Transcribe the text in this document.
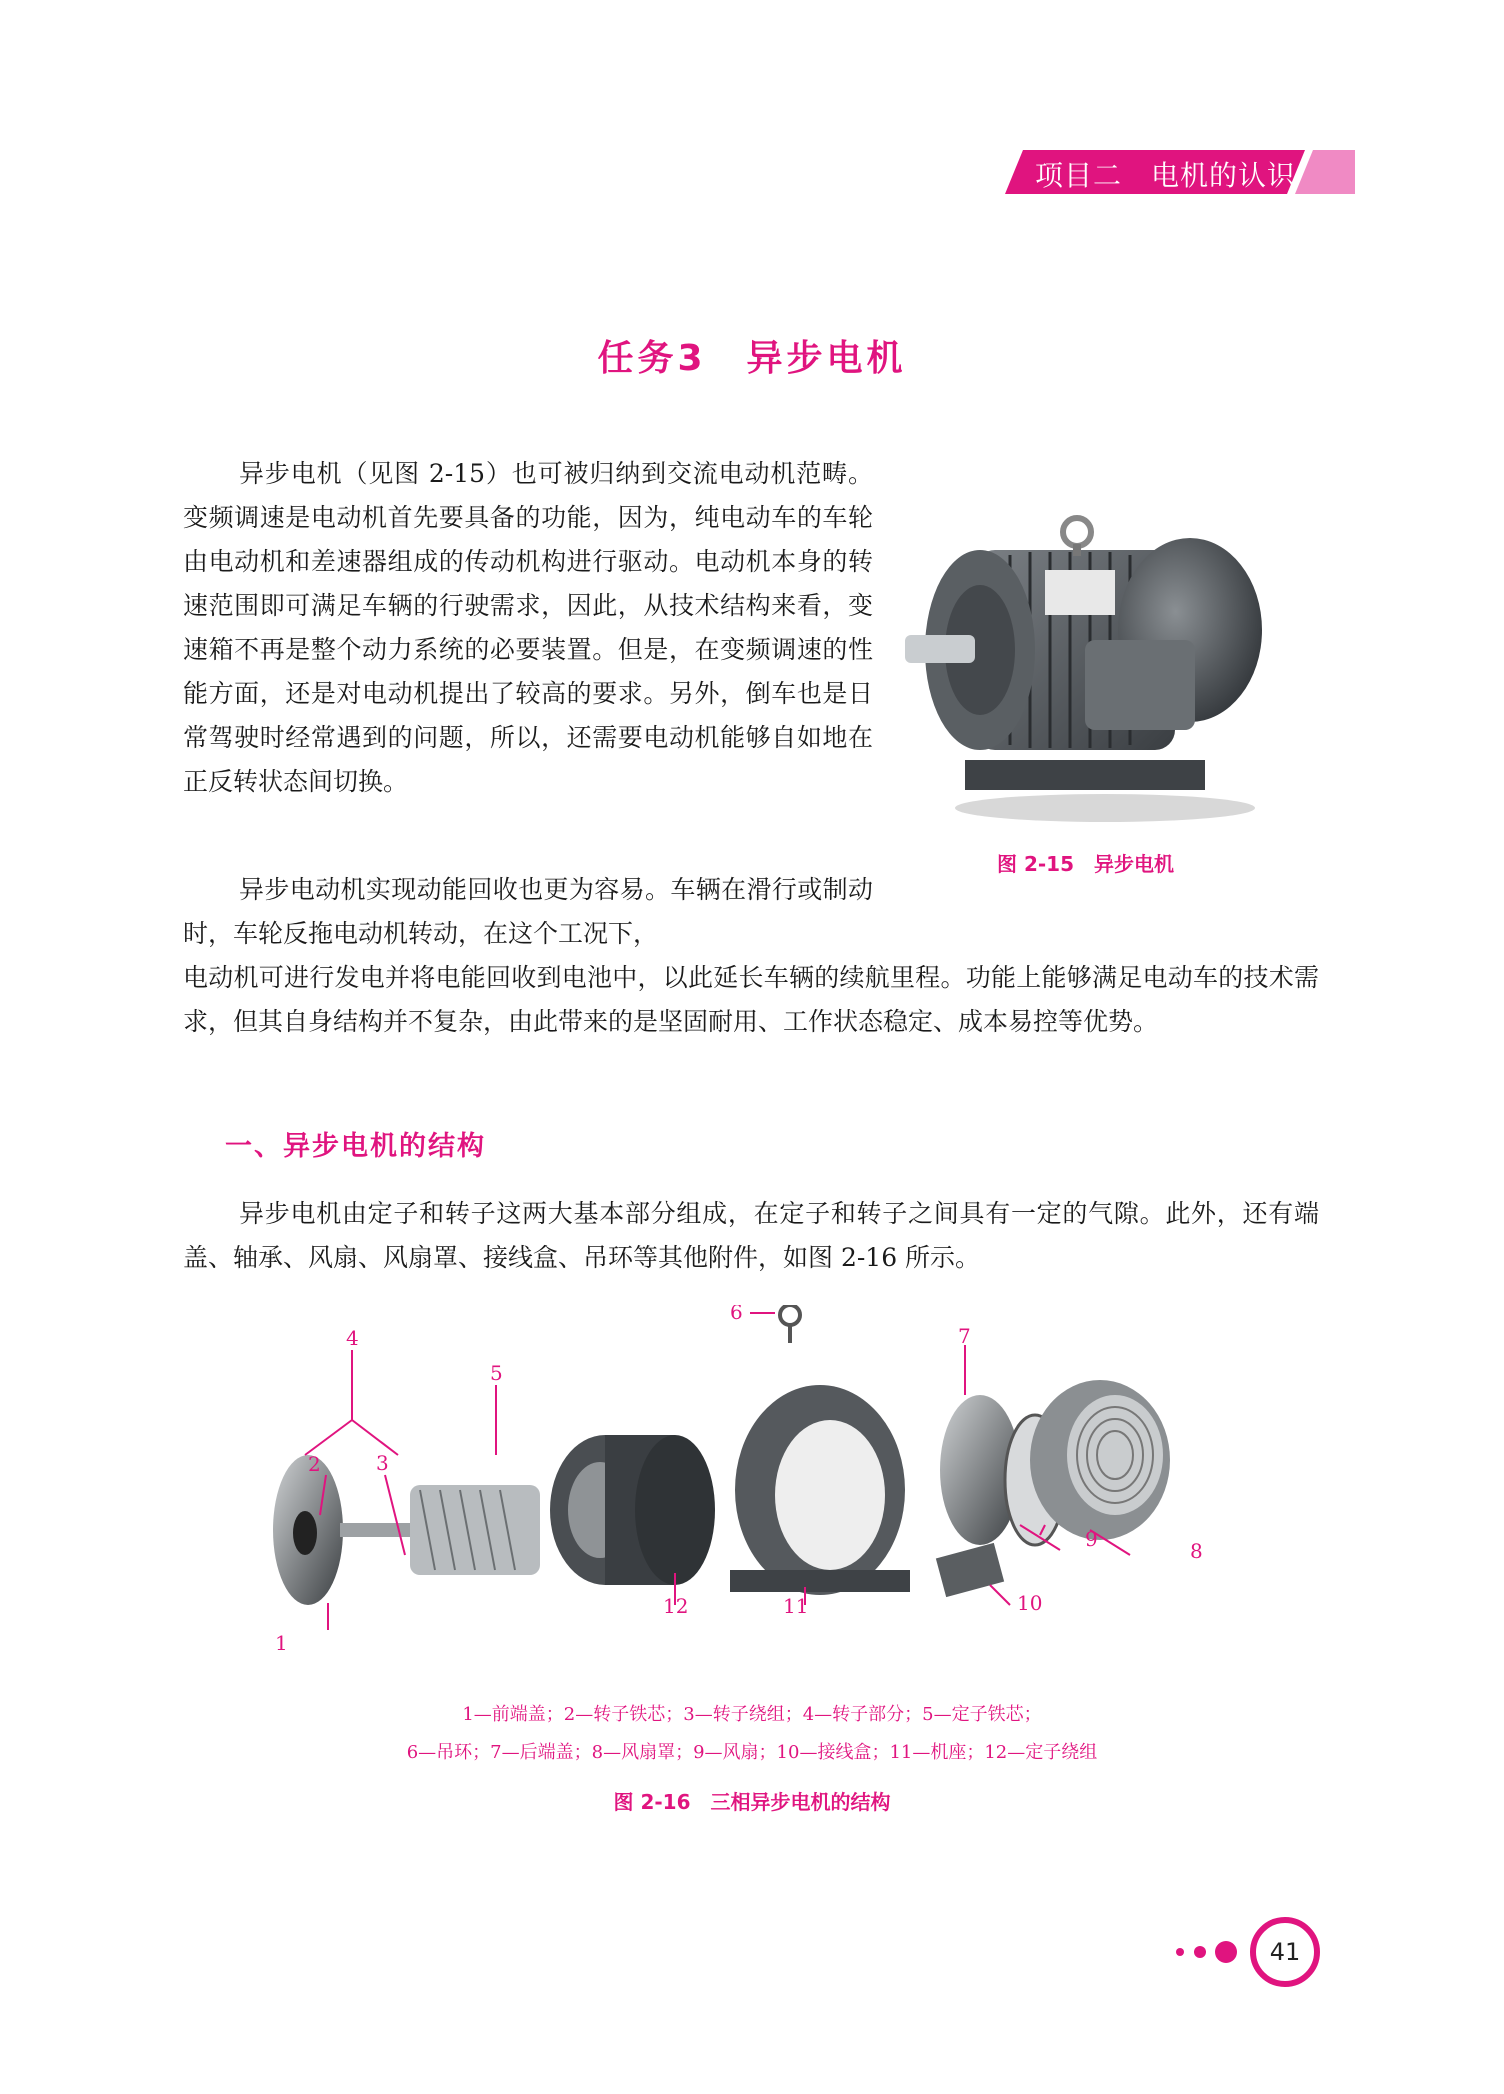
项目二　电机的认识
任务3　异步电机

异步电机（见图 2-15）也可被归纳到交流电动机范畴。变频调速是电动机首先要具备的功能，因为，纯电动车的车轮由电动机和差速器组成的传动机构进行驱动。电动机本身的转速范围即可满足车辆的行驶需求，因此，从技术结构来看，变速箱不再是整个动力系统的必要装置。但是，在变频调速的性能方面，还是对电动机提出了较高的要求。另外，倒车也是日常驾驶时经常遇到的问题，所以，还需要电动机能够自如地在正反转状态间切换。

图 2-15　异步电机

异步电动机实现动能回收也更为容易。车辆在滑行或制动时，车轮反拖电动机转动，在这个工况下，

电动机可进行发电并将电能回收到电池中，以此延长车辆的续航里程。功能上能够满足电动车的技术需求，但其自身结构并不复杂，由此带来的是坚固耐用、工作状态稳定、成本易控等优势。

一、异步电机的结构

异步电机由定子和转子这两大基本部分组成，在定子和转子之间具有一定的气隙。此外，还有端盖、轴承、风扇、风扇罩、接线盒、吊环等其他附件，如图 2-16 所示。

1
2	3
4
5
6
7
8
9
10
11
12
1—前端盖；2—转子铁芯；3—转子绕组；4—转子部分；5—定子铁芯；
6—吊环；7—后端盖；8—风扇罩；9—风扇；10—接线盒；11—机座；12—定子绕组
图 2-16　三相异步电机的结构
41
